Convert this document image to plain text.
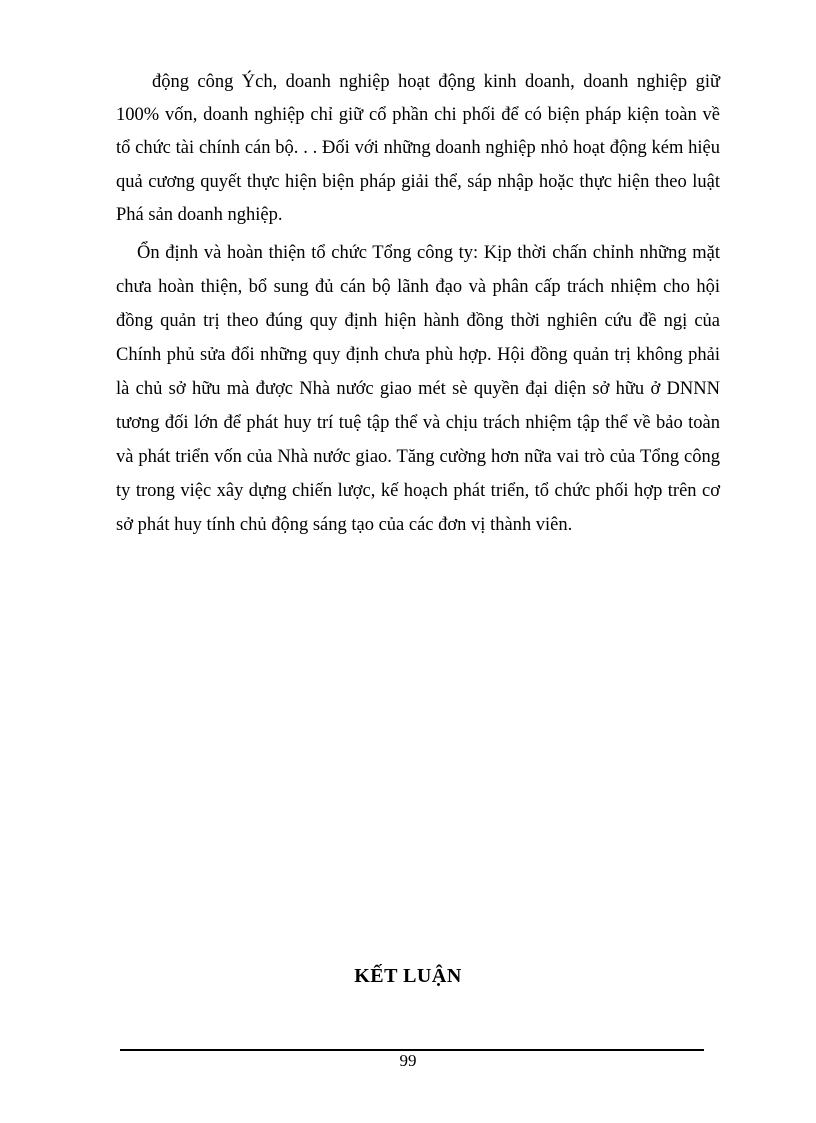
động công Ých, doanh nghiệp hoạt động kinh doanh, doanh nghiệp giữ
100% vốn, doanh nghiệp chỉ giữ cổ phần chi phối để có biện pháp kiện toàn về
tổ chức tài chính cán bộ. . . Đối với những doanh nghiệp nhỏ hoạt động kém hiệu
quả cương quyết thực hiện biện pháp giải thể, sáp nhập hoặc thực hiện theo luật
Phá sản doanh nghiệp.
Ổn định và hoàn thiện tổ chức Tổng công ty: Kịp thời chấn chỉnh những mặt
chưa hoàn thiện, bổ sung đủ cán bộ lãnh đạo và phân cấp trách nhiệm cho hội
đồng quản trị theo đúng quy định hiện hành đồng thời nghiên cứu đề ngị của
Chính phủ sửa đổi những quy định chưa phù hợp. Hội đồng quản trị không phải
là chủ sở hữu mà được Nhà nước giao mét sè quyền đại diện sở hữu ở DNNN
tương đối lớn để phát huy trí tuệ tập thể và chịu trách nhiệm tập thể về bảo toàn
và phát triển vốn của Nhà nước giao. Tăng cường hơn nữa vai trò của Tổng công
ty trong việc xây dựng chiến lược, kế hoạch phát triển, tổ chức phối hợp trên cơ
sở phát huy tính chủ động sáng tạo của các đơn vị thành viên.
KẾT LUẬN
99
